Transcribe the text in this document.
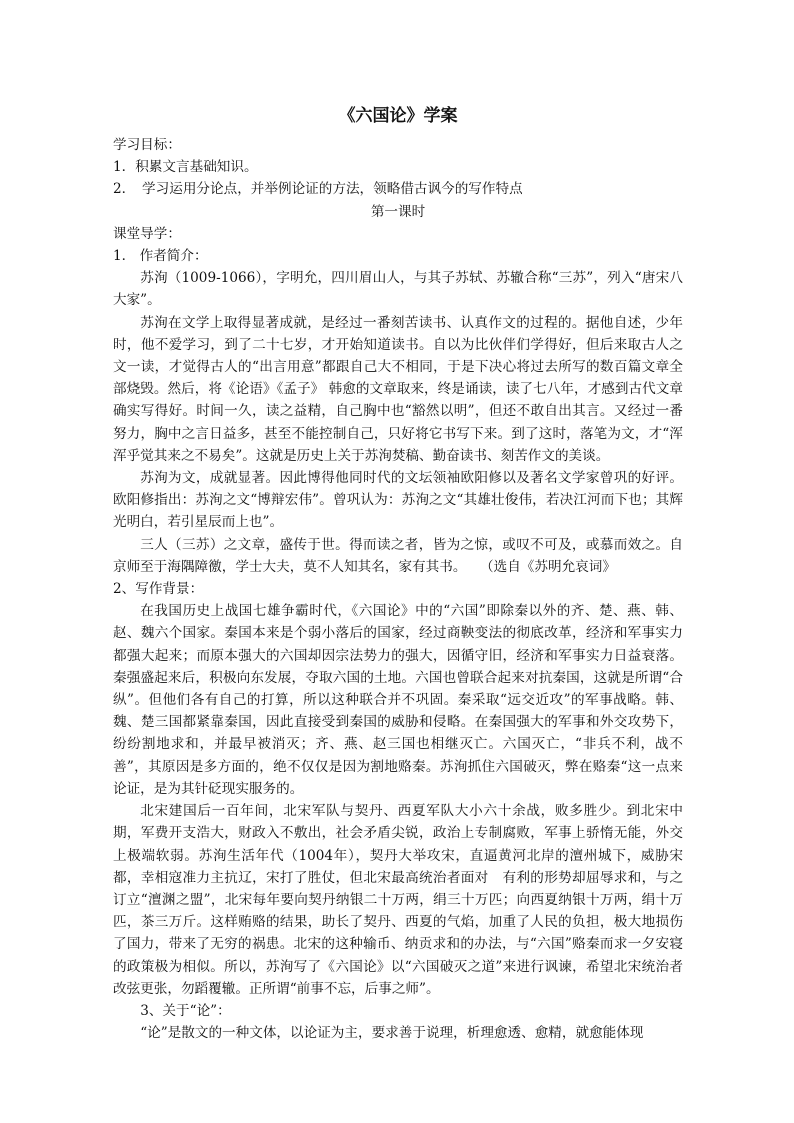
《六国论》学案
学习目标：
1．积累文言基础知识。
2．　学习运用分论点，并举例论证的方法，领略借古讽今的写作特点
第一课时
课堂导学：
1． 作者简介：

苏洵（1009-1066），字明允，四川眉山人，与其子苏轼、苏辙合称“三苏”，列入“唐宋八大家”。

苏洵在文学上取得显著成就，是经过一番刻苦读书、认真作文的过程的。据他自述，少年时，他不爱学习，到了二十七岁，才开始知道读书。自以为比伙伴们学得好，但后来取古人之文一读，才觉得古人的“出言用意”都跟自己大不相同，于是下决心将过去所写的数百篇文章全部烧毁。然后，将《论语》《孟子》 韩愈的文章取来，终是诵读，读了七八年，才感到古代文章确实写得好。时间一久，读之益精，自己胸中也“豁然以明”，但还不敢自出其言。又经过一番努力，胸中之言日益多，甚至不能控制自己，只好将它书写下来。到了这时，落笔为文，才“浑浑乎觉其来之不易矣”。这就是历史上关于苏洵焚稿、勤奋读书、刻苦作文的美谈。

苏洵为文，成就显著。因此博得他同时代的文坛领袖欧阳修以及著名文学家曾巩的好评。欧阳修指出：苏洵之文“博辩宏伟”。曾巩认为：苏洵之文“其雄壮俊伟，若决江河而下也；其辉光明白，若引星辰而上也”。

三人（三苏）之文章，盛传于世。得而读之者，皆为之惊，或叹不可及，或慕而效之。自京师至于海隅障徼，学士大夫，莫不人知其名，家有其书。 （选自《苏明允哀词》

2、写作背景：

在我国历史上战国七雄争霸时代，《六国论》中的“六国”即除秦以外的齐、楚、燕、韩、赵、魏六个国家。秦国本来是个弱小落后的国家，经过商鞅变法的彻底改革，经济和军事实力都强大起来；而原本强大的六国却因宗法势力的强大，因循守旧，经济和军事实力日益衰落。秦强盛起来后，积极向东发展，夺取六国的土地。六国也曾联合起来对抗秦国，这就是所谓“合纵”。但他们各有自己的打算，所以这种联合并不巩固。秦采取“远交近攻”的军事战略。韩、魏、楚三国都紧靠秦国，因此直接受到秦国的威胁和侵略。在秦国强大的军事和外交攻势下，纷纷割地求和，并最早被消灭；齐、燕、赵三国也相继灭亡。六国灭亡，“非兵不利，战不善”，其原因是多方面的，绝不仅仅是因为割地赂秦。苏洵抓住六国破灭，弊在赂秦“这一点来论证，是为其针砭现实服务的。

北宋建国后一百年间，北宋军队与契丹、西夏军队大小六十余战，败多胜少。到北宋中期，军费开支浩大，财政入不敷出，社会矛盾尖锐，政治上专制腐败，军事上骄惰无能，外交上极端软弱。苏洵生活年代（1004年），契丹大举攻宋，直逼黄河北岸的澶州城下，威胁宋都，幸相寇准力主抗辽，宋打了胜仗，但北宋最高统治者面对　有利的形势却屈辱求和，与之订立“澶渊之盟”，北宋每年要向契丹纳银二十万两，绢三十万匹；向西夏纳银十万两，绢十万匹，茶三万斤。这样贿赂的结果，助长了契丹、西夏的气焰，加重了人民的负担，极大地损伤了国力，带来了无穷的祸患。北宋的这种输币、纳贡求和的办法，与“六国”赂秦而求一夕安寝的政策极为相似。所以，苏洵写了《六国论》以“六国破灭之道”来进行讽谏，希望北宋统治者改弦更张，勿蹈覆辙。正所谓“前事不忘，后事之师”。

3、关于“论”：

“论”是散文的一种文体，以论证为主，要求善于说理，析理愈透、愈精，就愈能体现
